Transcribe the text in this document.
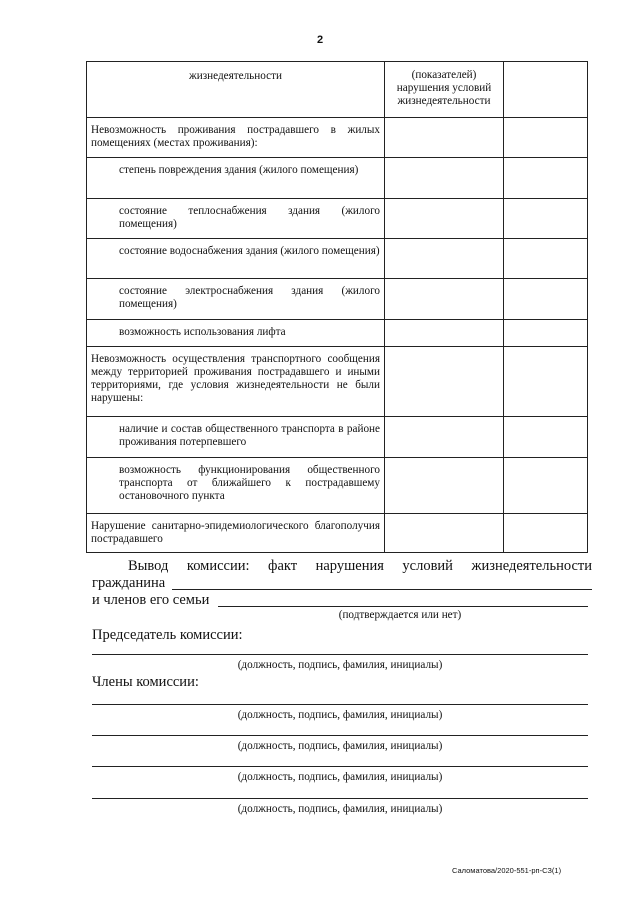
2
жизнедеятельности	(показателей) нарушения условий жизнедеятельности	
Невозможность проживания пострадавшего в жилых помещениях (местах проживания):		
степень повреждения здания (жилого помещения)		
состояние теплоснабжения здания (жилого помещения)		
состояние водоснабжения здания (жилого помещения)		
состояние электроснабжения здания (жилого помещения)		
возможность использования лифта		
Невозможность осуществления транспортного сообщения между территорией проживания пострадавшего и иными территориями, где условия жизнедеятельности не были нарушены:		
наличие и состав общественного транспорта в районе проживания потерпевшего		
возможность функционирования общественного транспорта от ближайшего к пострадавшему остановочного пункта		
Нарушение санитарно-эпидемиологического благополучия пострадавшего		
Вывод комиссии: факт нарушения условий жизнедеятельности
гражданина
и членов его семьи
(подтверждается или нет)
Председатель комиссии:
(должность, подпись, фамилия, инициалы)
Члены комиссии:
(должность, подпись, фамилия, инициалы)
(должность, подпись, фамилия, инициалы)
(должность, подпись, фамилия, инициалы)
(должность, подпись, фамилия, инициалы)
Саломатова/2020-551-рп-СЗ(1)
